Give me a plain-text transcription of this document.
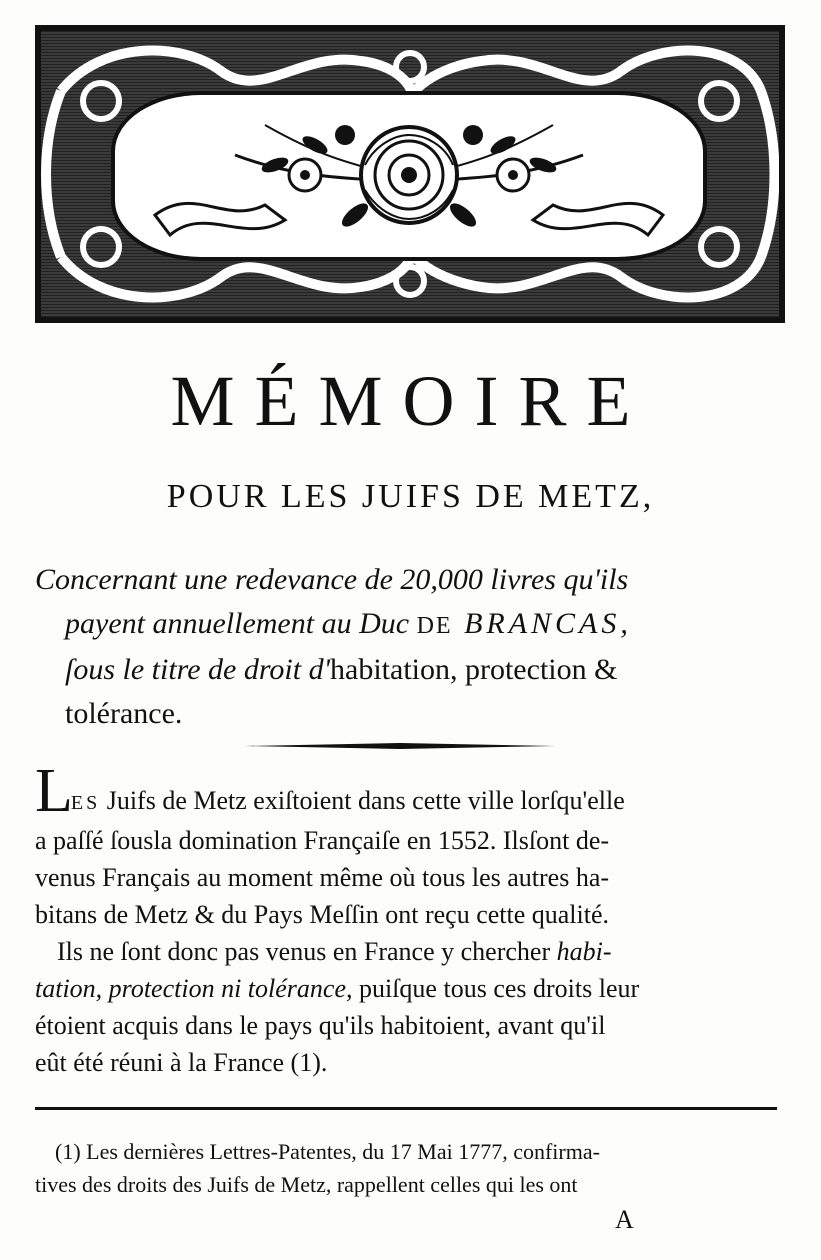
MÉMOIRE
POUR LES JUIFS DE METZ,
Concernant une redevance de 20,000 livres qu'ils
payent annuellement au Duc DE BRANCAS,
ſous le titre de droit d'habitation, protection &
tolérance.
LES Juifs de Metz exiſtoient dans cette ville lorſqu'elle
a paſſé ſousla domination Françaiſe en 1552. Ilsſont de-
venus Français au moment même où tous les autres ha-
bitans de Metz & du Pays Meſſin ont reçu cette qualité.
Ils ne ſont donc pas venus en France y chercher habi-
tation, protection ni tolérance, puiſque tous ces droits leur
étoient acquis dans le pays qu'ils habitoient, avant qu'il
eût été réuni à la France (1).
(1) Les dernières Lettres-Patentes, du 17 Mai 1777, confirma-
tives des droits des Juifs de Metz, rappellent celles qui les ont
A
